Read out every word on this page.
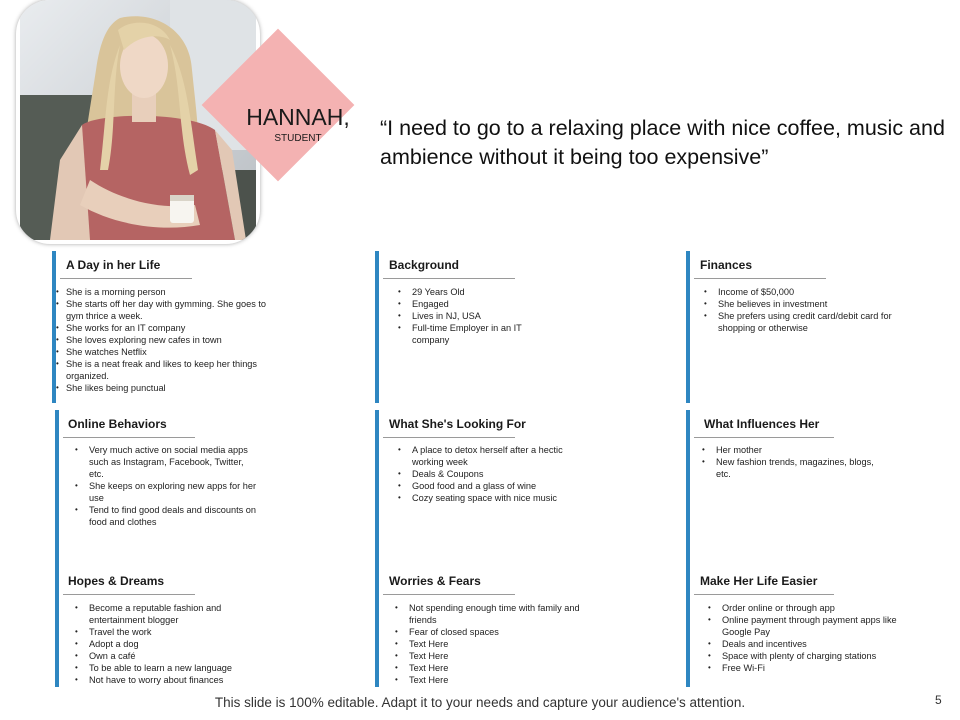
HANNAH,
STUDENT	“I need to go to a relaxing place with nice coffee, music and ambience without it being too expensive”
A Day in her Life
• She is a morning person
• She starts off her day with gymming. She goes to gym thrice a week.
• She works for an IT company
• She loves exploring new cafes in town
• She watches Netflix
• She is a neat freak and likes to keep her things organized.
• She likes being punctual
Background
• 29 Years Old
• Engaged
• Lives in NJ, USA
• Full-time Employer in an IT company
Finances
• Income of $50,000
• She believes in investment
• She prefers using credit card/debit card for shopping or otherwise
Online Behaviors
• Very much active on social media apps such as Instagram, Facebook, Twitter, etc.
• She keeps on exploring new apps for her use
• Tend to find good deals and discounts on food and clothes
What She's Looking For
• A place to detox herself after a hectic working week
• Deals & Coupons
• Good food and a glass of wine
• Cozy seating space with nice music
What Influences Her
• Her mother
• New fashion trends, magazines, blogs, etc.
Hopes & Dreams
• Become a reputable fashion and entertainment blogger
• Travel the work
• Adopt a dog
• Own a café
• To be able to learn a new language
• Not have to worry about finances
Worries & Fears
• Not spending enough time with family and friends
• Fear of closed spaces
• Text Here
• Text Here
• Text Here
• Text Here
Make Her Life Easier
• Order online or through app
• Online payment through payment apps like Google Pay
• Deals and incentives
• Space with plenty of charging stations
• Free Wi-Fi
This slide is 100% editable. Adapt it to your needs and capture your audience's attention.	5
